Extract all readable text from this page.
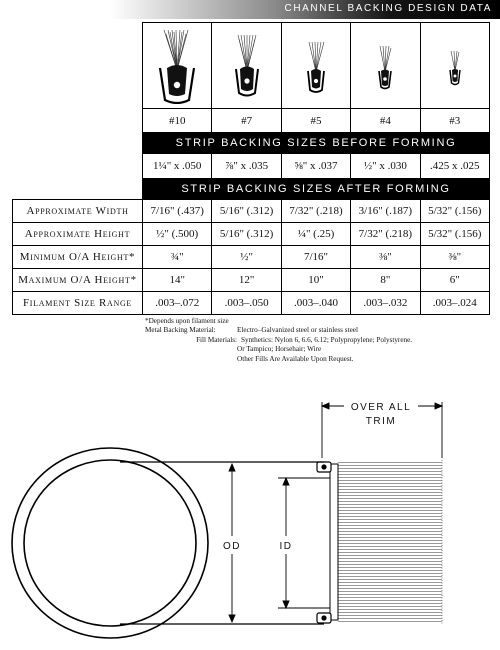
CHANNEL BACKING DESIGN DATA

	#10	#7	#5	#4	#3
	STRIP BACKING SIZES BEFORE FORMING				
	1¼" x .050	⅞" x .035	⅝" x .037	½" x .030	.425 x .025
	STRIP BACKING SIZES AFTER FORMING				
Approximate Width	7/16" (.437)	5/16" (.312)	7/32" (.218)	3/16" (.187)	5/32" (.156)
Approximate Height	½" (.500)	5/16" (.312)	¼" (.25)	7/32" (.218)	5/32" (.156)
Minimum O/A Height*	¾"	½"	7/16"	⅜"	⅜"
Maximum O/A Height*	14"	12"	10"	8"	6"
Filament Size Range	.003–.072	.003–.050	.003–.040	.003–.032	.003–.024
*Depends upon filament size
Metal Backing Material:	Electro–Galvanized steel or stainless steel
Fill Materials: Synthetics: Nylon 6, 6.6, 6.12; Polypropylene; Polystyrene.
Or Tampico; Horsehair; Wire
Other Fills Are Available Upon Request.
OVER ALL
TRIM
OD	ID
